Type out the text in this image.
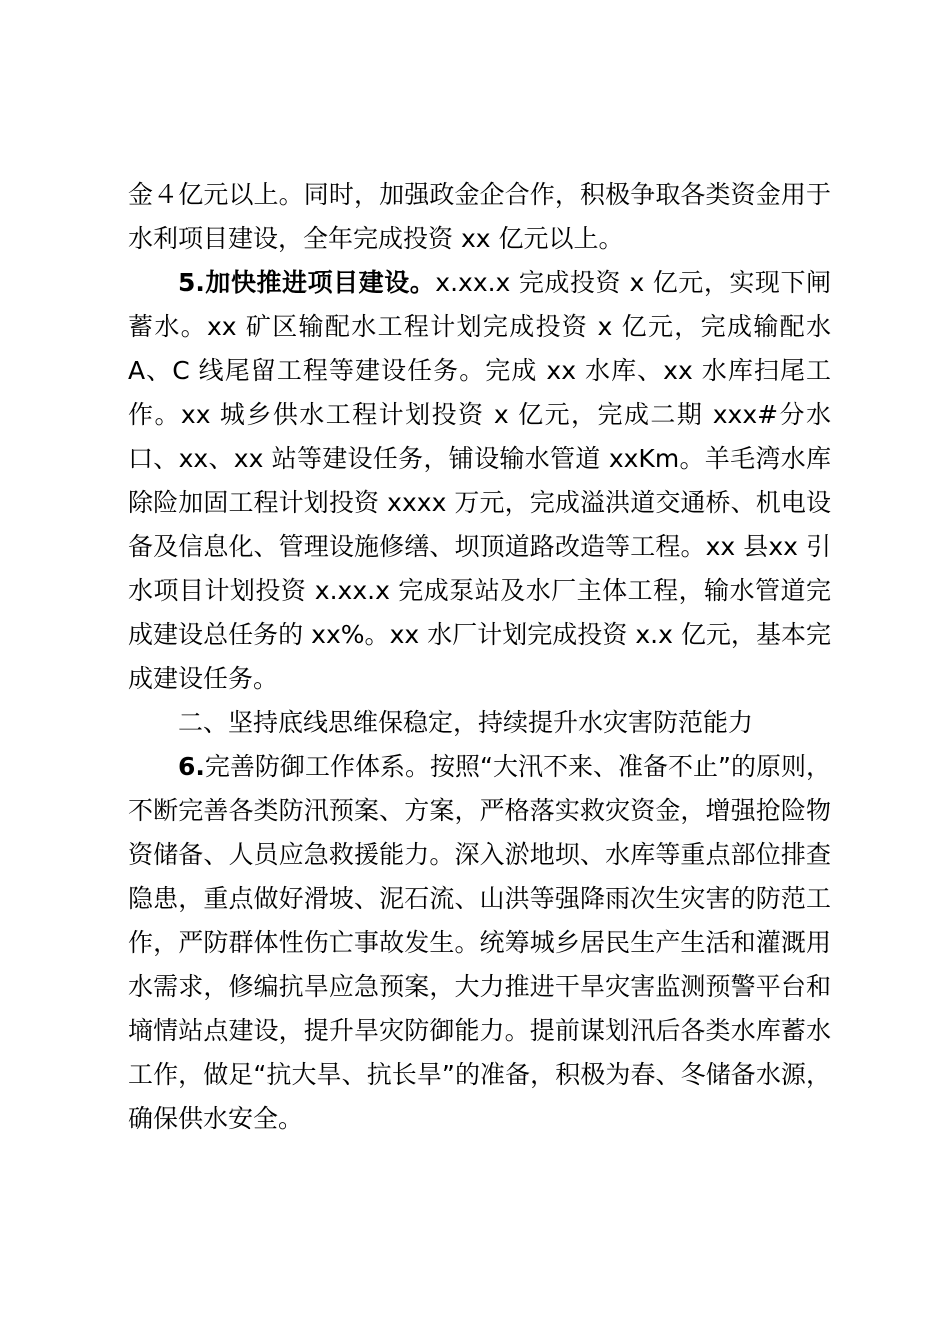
金４亿元以上。同时，加强政金企合作，积极争取各类资金用于水利项目建设，全年完成投资 xx 亿元以上。

5.加快推进项目建设。x.xx.x 完成投资 x 亿元，实现下闸蓄水。xx 矿区输配水工程计划完成投资 x 亿元，完成输配水A、C 线尾留工程等建设任务。完成 xx 水库、xx 水库扫尾工作。xx 城乡供水工程计划投资 x 亿元，完成二期 xxx#分水口、xx、xx 站等建设任务，铺设输水管道 xxKm。羊毛湾水库除险加固工程计划投资 xxxx 万元，完成溢洪道交通桥、机电设备及信息化、管理设施修缮、坝顶道路改造等工程。xx 县xx 引水项目计划投资 x.xx.x 完成泵站及水厂主体工程，输水管道完成建设总任务的 xx%。xx 水厂计划完成投资 x.x 亿元，基本完成建设任务。

二、坚持底线思维保稳定，持续提升水灾害防范能力

6.完善防御工作体系。按照“大汛不来、准备不止”的原则，不断完善各类防汛预案、方案，严格落实救灾资金，增强抢险物资储备、人员应急救援能力。深入淤地坝、水库等重点部位排查隐患，重点做好滑坡、泥石流、山洪等强降雨次生灾害的防范工作，严防群体性伤亡事故发生。统筹城乡居民生产生活和灌溉用水需求，修编抗旱应急预案，大力推进干旱灾害监测预警平台和墒情站点建设，提升旱灾防御能力。提前谋划汛后各类水库蓄水工作，做足“抗大旱、抗长旱”的准备，积极为春、冬储备水源，确保供水安全。
